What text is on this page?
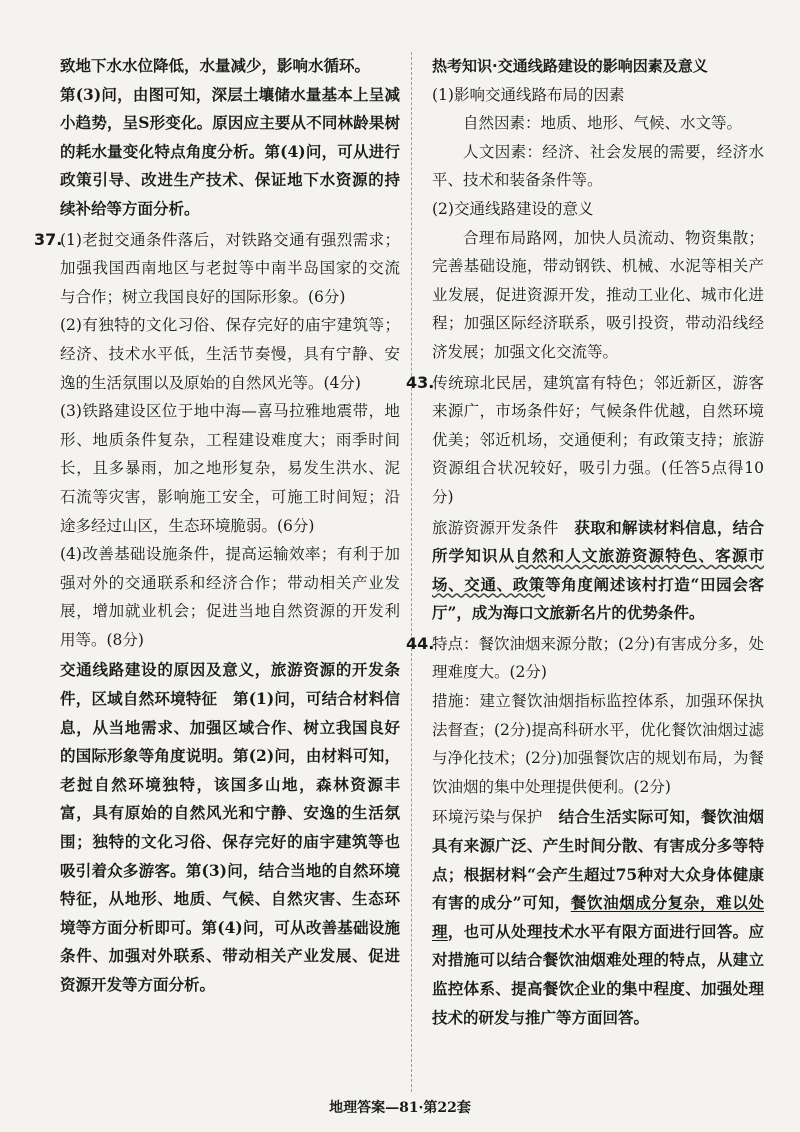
致地下水水位降低，水量减少，影响水循环。

第(3)问，由图可知，深层土壤储水量基本上呈减小趋势，呈S形变化。原因应主要从不同林龄果树的耗水量变化特点角度分析。第(4)问，可从进行政策引导、改进生产技术、保证地下水资源的持续补给等方面分析。

37.(1)老挝交通条件落后，对铁路交通有强烈需求；加强我国西南地区与老挝等中南半岛国家的交流与合作；树立我国良好的国际形象。(6分)

(2)有独特的文化习俗、保存完好的庙宇建筑等；经济、技术水平低，生活节奏慢，具有宁静、安逸的生活氛围以及原始的自然风光等。(4分)

(3)铁路建设区位于地中海—喜马拉雅地震带，地形、地质条件复杂，工程建设难度大；雨季时间长，且多暴雨，加之地形复杂，易发生洪水、泥石流等灾害，影响施工安全，可施工时间短；沿途多经过山区，生态环境脆弱。(6分)

(4)改善基础设施条件，提高运输效率；有利于加强对外的交通联系和经济合作；带动相关产业发展，增加就业机会；促进当地自然资源的开发利用等。(8分)

交通线路建设的原因及意义，旅游资源的开发条件，区域自然环境特征　 第(1)问，可结合材料信息，从当地需求、加强区域合作、树立我国良好的国际形象等角度说明。第(2)问，由材料可知，老挝自然环境独特，该国多山地，森林资源丰富，具有原始的自然风光和宁静、安逸的生活氛围；独特的文化习俗、保存完好的庙宇建筑等也吸引着众多游客。第(3)问，结合当地的自然环境特征，从地形、地质、气候、自然灾害、生态环境等方面分析即可。第(4)问，可从改善基础设施条件、加强对外联系、带动相关产业发展、促进资源开发等方面分析。

热考知识·交通线路建设的影响因素及意义

(1)影响交通线路布局的因素

自然因素：地质、地形、气候、水文等。

人文因素：经济、社会发展的需要，经济水平、技术和装备条件等。

(2)交通线路建设的意义

合理布局路网，加快人员流动、物资集散；完善基础设施，带动钢铁、机械、水泥等相关产业发展，促进资源开发，推动工业化、城市化进程；加强区际经济联系，吸引投资，带动沿线经济发展；加强文化交流等。

43.传统琼北民居，建筑富有特色；邻近新区，游客来源广，市场条件好；气候条件优越，自然环境优美；邻近机场，交通便利；有政策支持；旅游资源组合状况较好，吸引力强。(任答5点得10分)

旅游资源开发条件　 获取和解读材料信息，结合所学知识从自然和人文旅游资源特色、客源市场、交通、政策等角度阐述该村打造“田园会客厅”，成为海口文旅新名片的优势条件。

44.特点：餐饮油烟来源分散；(2分)有害成分多，处理难度大。(2分)

措施：建立餐饮油烟指标监控体系，加强环保执法督查；(2分)提高科研水平，优化餐饮油烟过滤与净化技术；(2分)加强餐饮店的规划布局，为餐饮油烟的集中处理提供便利。(2分)

环境污染与保护　 结合生活实际可知，餐饮油烟具有来源广泛、产生时间分散、有害成分多等特点；根据材料“会产生超过75种对大众身体健康有害的成分”可知，餐饮油烟成分复杂，难以处理，也可从处理技术水平有限方面进行回答。应对措施可以结合餐饮油烟难处理的特点，从建立监控体系、提高餐饮企业的集中程度、加强处理技术的研发与推广等方面回答。

地理答案—81·第22套
